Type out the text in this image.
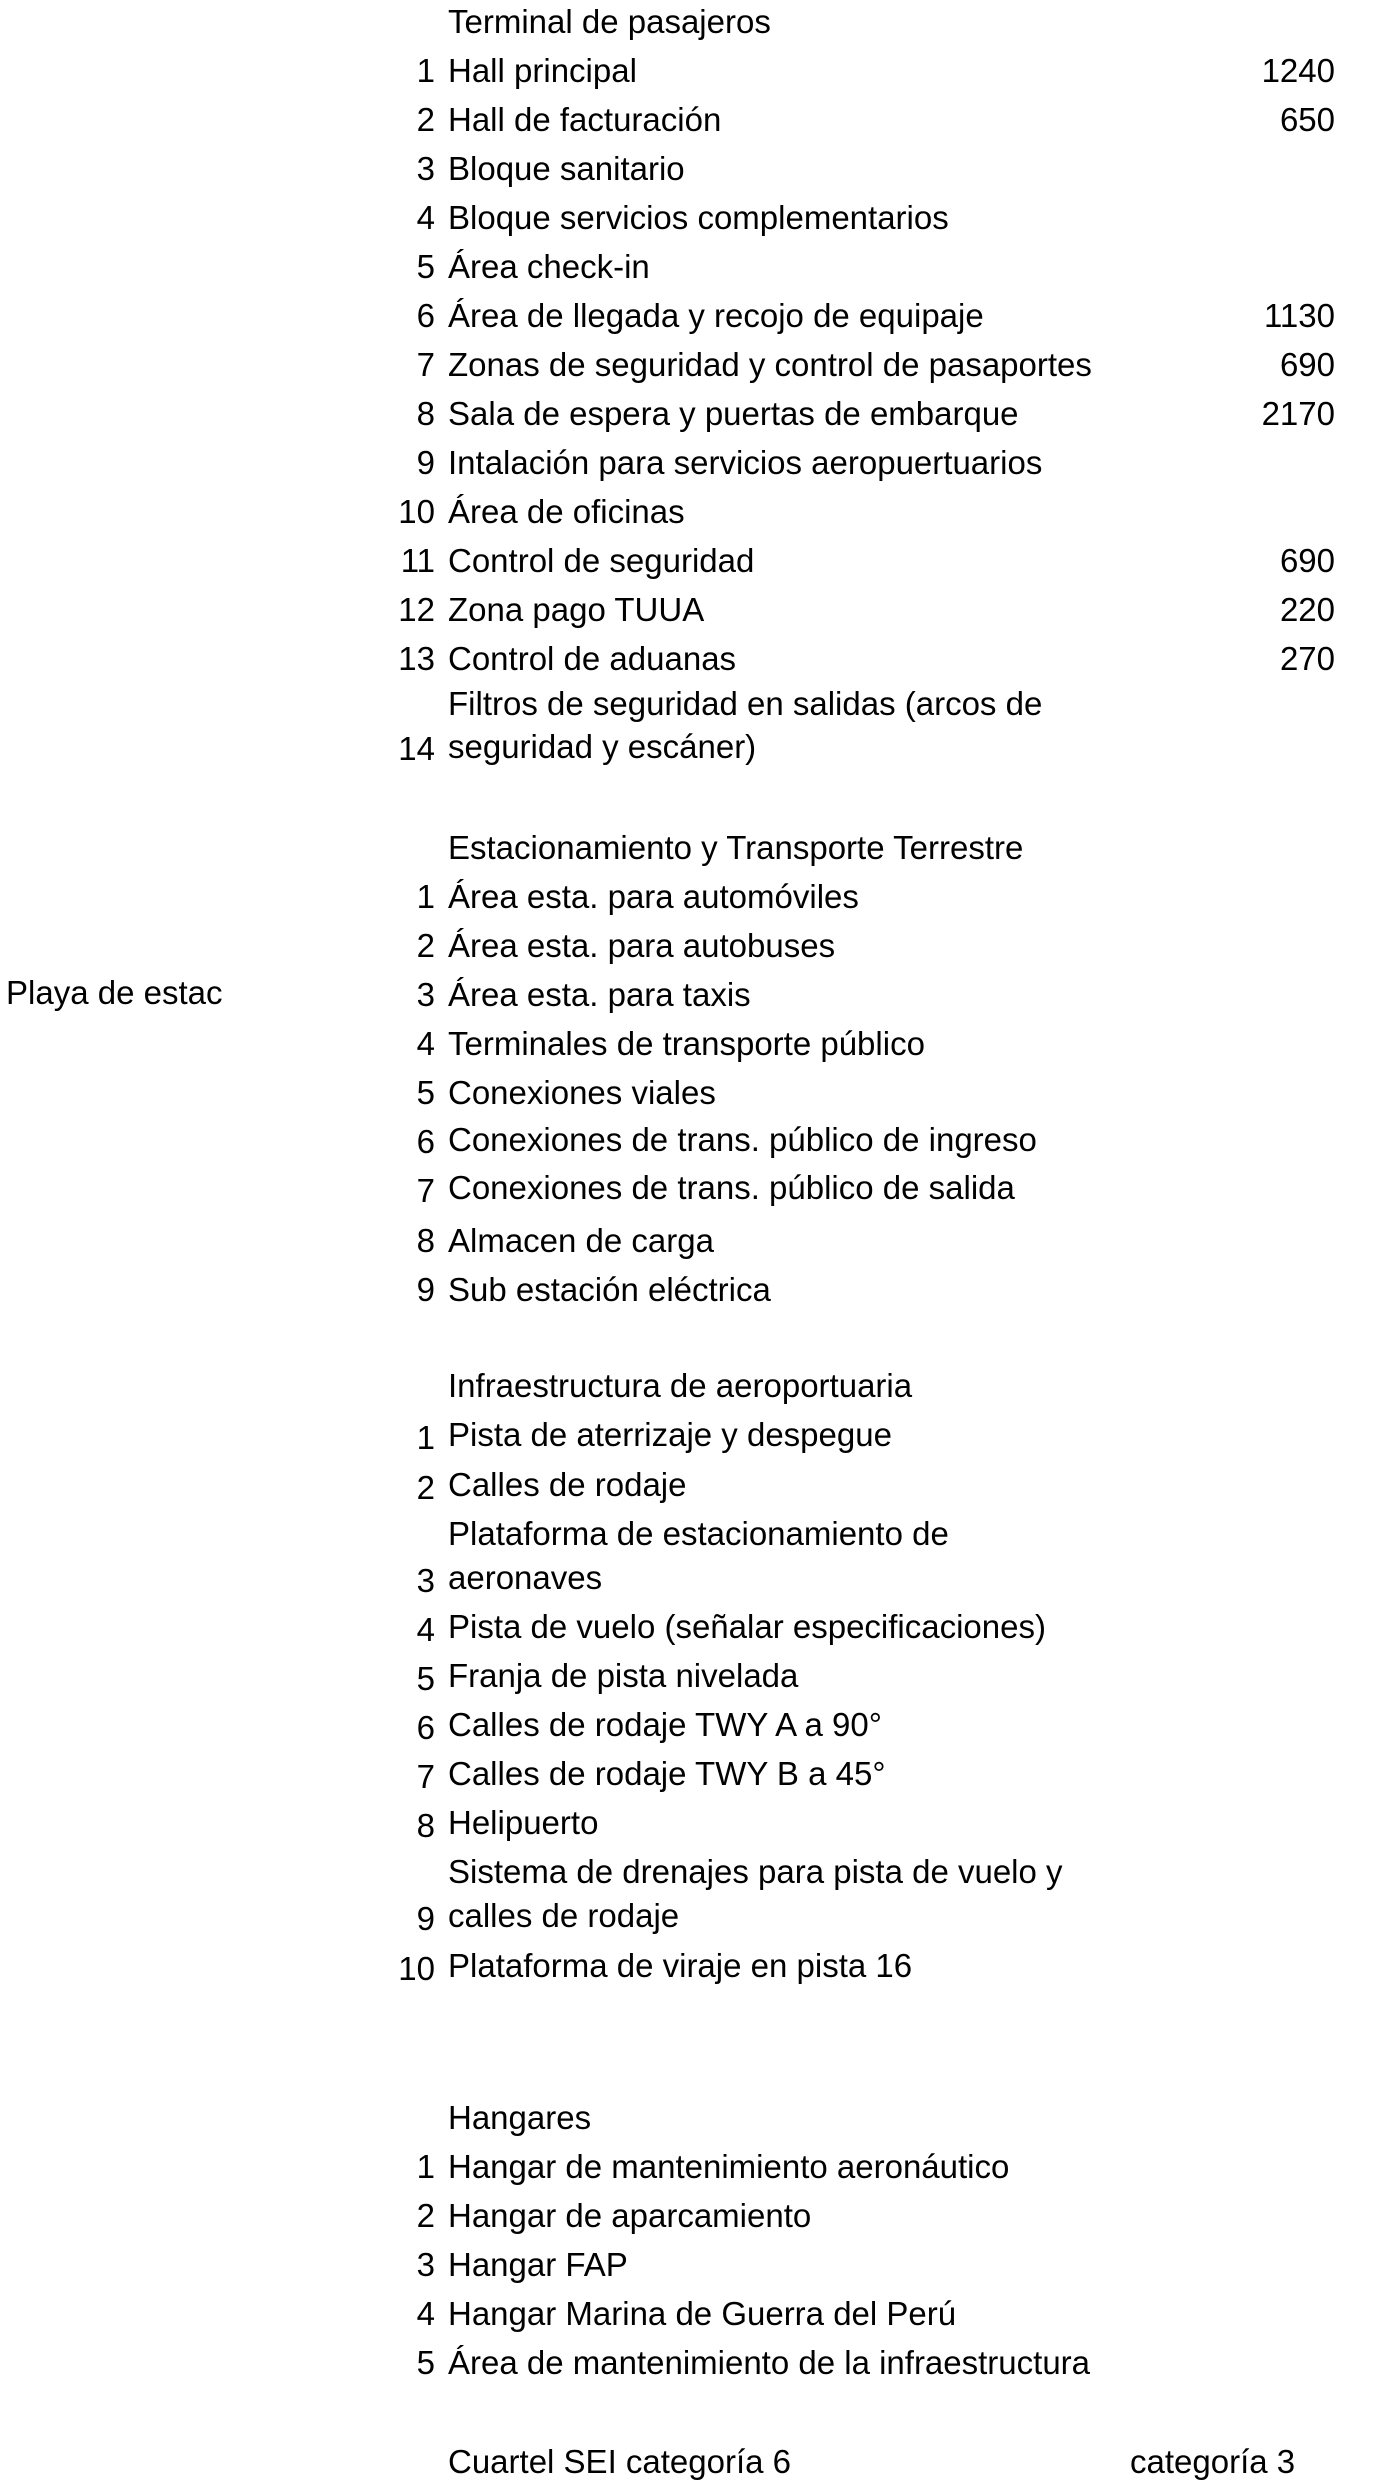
Playa de estac
Terminal de pasajeros
1 Hall principal	1240
2 Hall de facturación	650
3 Bloque sanitario
4 Bloque servicios complementarios
5 Área check-in
6 Área de llegada y recojo de equipaje	1130
7 Zonas de seguridad y control de pasaportes	690
8 Sala de espera y puertas de embarque	2170
9 Intalación para servicios aeropuertuarios
10 Área de oficinas
11 Control de seguridad	690
12 Zona pago TUUA	220
13 Control de aduanas	270
Filtros de seguridad en salidas (arcos de
14 seguridad y escáner)
Estacionamiento y Transporte Terrestre
1 Área esta. para automóviles
2 Área esta. para autobuses
3 Área esta. para taxis
4 Terminales de transporte público
5 Conexiones viales
6 Conexiones de trans. público de ingreso
7 Conexiones de trans. público de salida
8 Almacen de carga
9 Sub estación eléctrica
Infraestructura de aeroportuaria
1 Pista de aterrizaje y despegue
2 Calles de rodaje
Plataforma de estacionamiento de
3 aeronaves
4 Pista de vuelo (señalar especificaciones)
5 Franja de pista nivelada
6 Calles de rodaje TWY A a 90°
7 Calles de rodaje TWY B a 45°
8 Helipuerto
Sistema de drenajes para pista de vuelo y
9 calles de rodaje
10 Plataforma de viraje en pista 16
Hangares
1 Hangar de mantenimiento aeronáutico
2 Hangar de aparcamiento
3 Hangar FAP
4 Hangar Marina de Guerra del Perú
5 Área de mantenimiento de la infraestructura
Cuartel SEI categoría 6	categoría 3
